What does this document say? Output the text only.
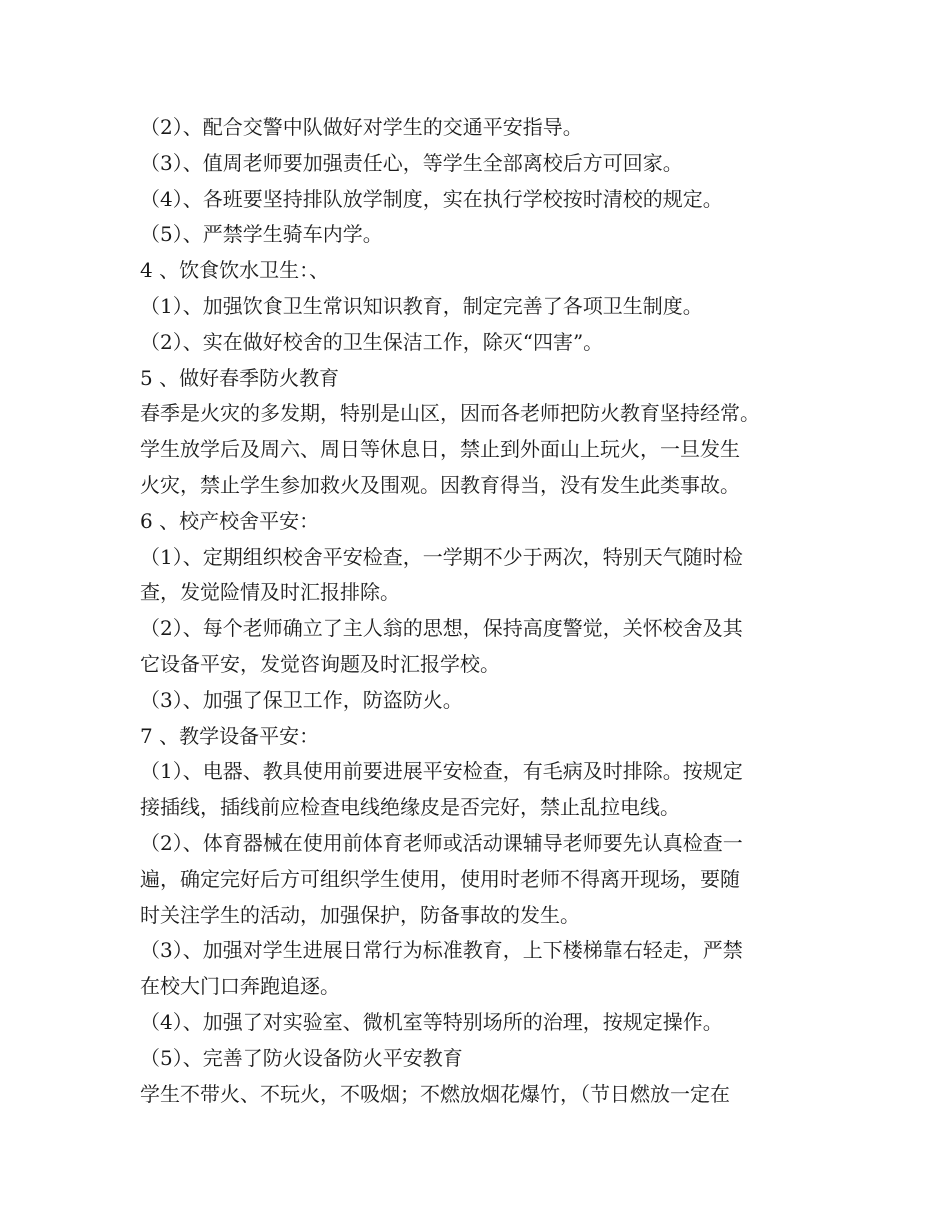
（2）、配合交警中队做好对学生的交通平安指导。
（3）、值周老师要加强责任心，等学生全部离校后方可回家。
（4）、各班要坚持排队放学制度，实在执行学校按时清校的规定。
（5）、严禁学生骑车内学。
4 、饮食饮水卫生：、
（1）、加强饮食卫生常识知识教育，制定完善了各项卫生制度。
（2）、实在做好校舍的卫生保洁工作，除灭“四害”。
5 、做好春季防火教育
春季是火灾的多发期，特别是山区，因而各老师把防火教育坚持经常。
学生放学后及周六、周日等休息日，禁止到外面山上玩火，一旦发生
火灾，禁止学生参加救火及围观。因教育得当，没有发生此类事故。
6 、校产校舍平安：
（1）、定期组织校舍平安检查，一学期不少于两次，特别天气随时检
查，发觉险情及时汇报排除。
（2）、每个老师确立了主人翁的思想，保持高度警觉，关怀校舍及其
它设备平安，发觉咨询题及时汇报学校。
（3）、加强了保卫工作，防盗防火。
7 、教学设备平安：
（1）、电器、教具使用前要进展平安检查，有毛病及时排除。按规定
接插线，插线前应检查电线绝缘皮是否完好，禁止乱拉电线。
（2）、体育器械在使用前体育老师或活动课辅导老师要先认真检查一
遍，确定完好后方可组织学生使用，使用时老师不得离开现场，要随
时关注学生的活动，加强保护，防备事故的发生。
（3）、加强对学生进展日常行为标准教育，上下楼梯靠右轻走，严禁
在校大门口奔跑追逐。
（4）、加强了对实验室、微机室等特别场所的治理，按规定操作。
（5）、完善了防火设备防火平安教育
学生不带火、不玩火，不吸烟；不燃放烟花爆竹，（节日燃放一定在
